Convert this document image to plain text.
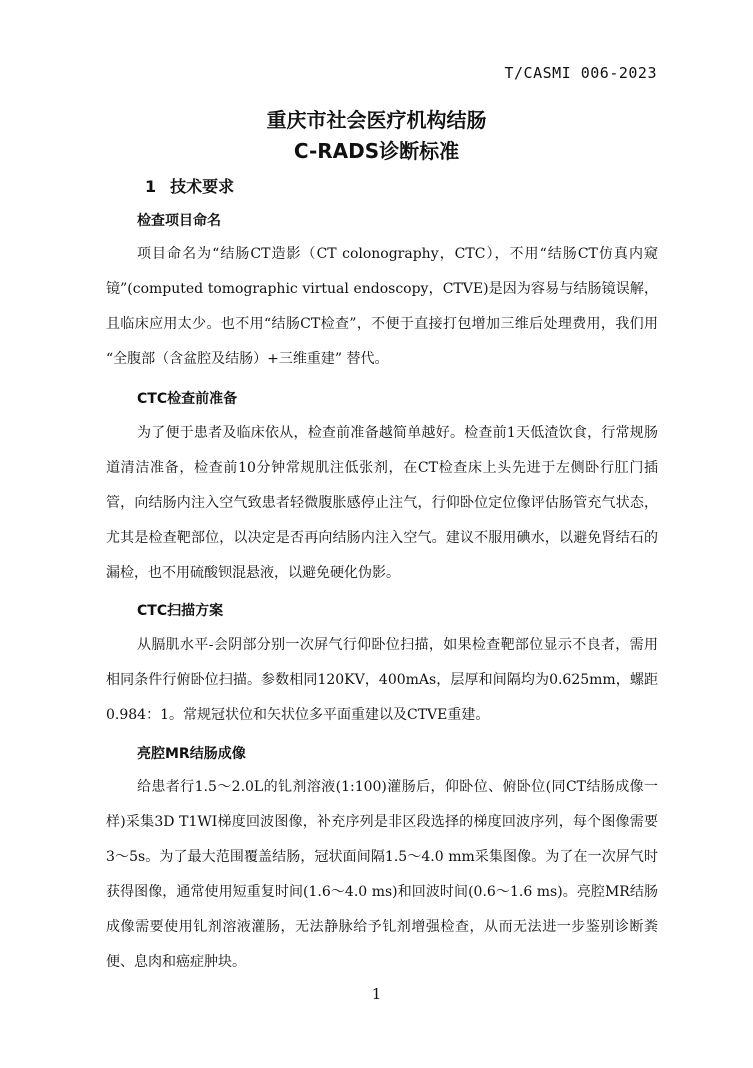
T/CASMI 006-2023
重庆市社会医疗机构结肠
C-RADS诊断标准
1 技术要求
检查项目命名

项目命名为“结肠CT造影（CT colonography，CTC），不用“结肠CT仿真内窥镜”(computed tomographic virtual endoscopy，CTVE)是因为容易与结肠镜误解，且临床应用太少。也不用“结肠CT检查”，不便于直接打包增加三维后处理费用，我们用 “全腹部（含盆腔及结肠）+三维重建” 替代。

CTC检查前准备

为了便于患者及临床依从，检查前准备越简单越好。检查前1天低渣饮食，行常规肠道清洁准备，检查前10分钟常规肌注低张剂，在CT检查床上头先进于左侧卧行肛门插管，向结肠内注入空气致患者轻微腹胀感停止注气，行仰卧位定位像评估肠管充气状态，尤其是检查靶部位，以决定是否再向结肠内注入空气。建议不服用碘水，以避免肾结石的漏检，也不用硫酸钡混悬液，以避免硬化伪影。

CTC扫描方案

从膈肌水平-会阴部分别一次屏气行仰卧位扫描，如果检查靶部位显示不良者，需用相同条件行俯卧位扫描。参数相同120KV，400mAs，层厚和间隔均为0.625mm，螺距0.984：1。常规冠状位和矢状位多平面重建以及CTVE重建。

亮腔MR结肠成像

给患者行1.5～2.0L的钆剂溶液(1:100)灌肠后，仰卧位、俯卧位(同CT结肠成像一样)采集3D T1WI梯度回波图像，补充序列是非区段选择的梯度回波序列，每个图像需要3～5s。为了最大范围覆盖结肠，冠状面间隔1.5～4.0 mm采集图像。为了在一次屏气时获得图像，通常使用短重复时间(1.6～4.0 ms)和回波时间(0.6～1.6 ms)。亮腔MR结肠成像需要使用钆剂溶液灌肠，无法静脉给予钆剂增强检查，从而无法进一步鉴别诊断粪便、息肉和癌症肿块。

1
